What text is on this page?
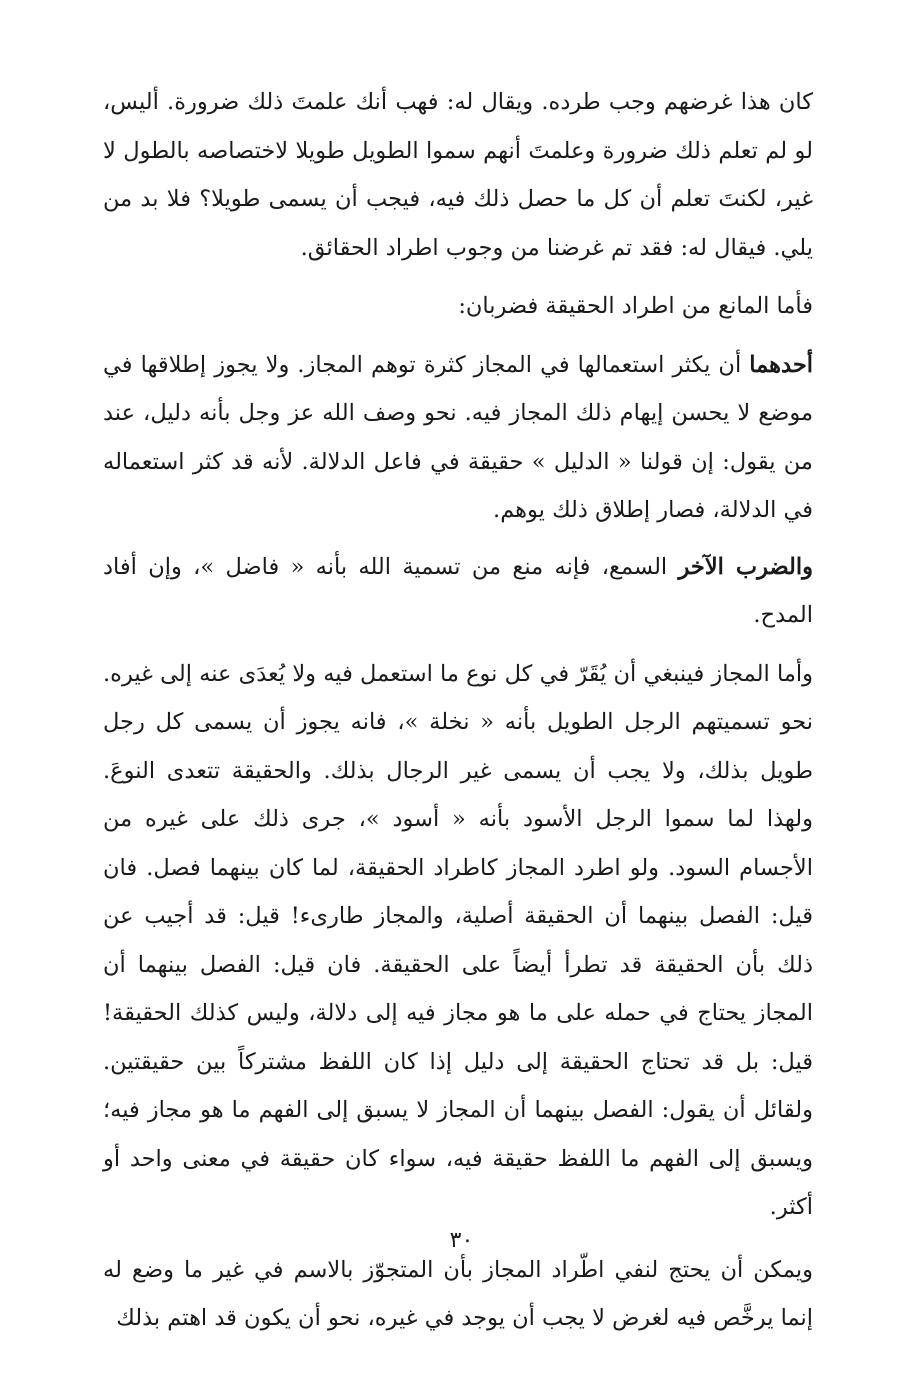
كان هذا غرضهم وجب طرده. ويقال له: فهب أنك علمتَ ذلك ضرورة. أليس، لو لم تعلم ذلك ضرورة وعلمتَ أنهم سموا الطويل طويلا لاختصاصه بالطول لا غير، لكنتَ تعلم أن كل ما حصل ذلك فيه، فيجب أن يسمى طويلا؟ فلا بد من يلي. فيقال له: فقد تم غرضنا من وجوب اطراد الحقائق.

فأما المانع من اطراد الحقيقة فضربان:

أحدهما أن يكثر استعمالها في المجاز كثرة توهم المجاز. ولا يجوز إطلاقها في موضع لا يحسن إيهام ذلك المجاز فيه. نحو وصف الله عز وجل بأنه دليل، عند من يقول: إن قولنا « الدليل » حقيقة في فاعل الدلالة. لأنه قد كثر استعماله في الدلالة، فصار إطلاق ذلك يوهم.

والضرب الآخر السمع، فإنه منع من تسمية الله بأنه « فاضل »، وإن أفاد المدح.

وأما المجاز فينبغي أن يُقَرّ في كل نوع ما استعمل فيه ولا يُعدَى عنه إلى غيره. نحو تسميتهم الرجل الطويل بأنه « نخلة »، فانه يجوز أن يسمى كل رجل طويل بذلك، ولا يجب أن يسمى غير الرجال بذلك. والحقيقة تتعدى النوعَ. ولهذا لما سموا الرجل الأسود بأنه « أسود »، جرى ذلك على غيره من الأجسام السود. ولو اطرد المجاز كاطراد الحقيقة، لما كان بينهما فصل. فان قيل: الفصل بينهما أن الحقيقة أصلية، والمجاز طارىء! قيل: قد أجيب عن ذلك بأن الحقيقة قد تطرأ أيضاً على الحقيقة. فان قيل: الفصل بينهما أن المجاز يحتاج في حمله على ما هو مجاز فيه إلى دلالة، وليس كذلك الحقيقة! قيل: بل قد تحتاج الحقيقة إلى دليل إذا كان اللفظ مشتركاً بين حقيقتين. ولقائل أن يقول: الفصل بينهما أن المجاز لا يسبق إلى الفهم ما هو مجاز فيه؛ ويسبق إلى الفهم ما اللفظ حقيقة فيه، سواء كان حقيقة في معنى واحد أو أكثر.

ويمكن أن يحتج لنفي اطّراد المجاز بأن المتجوّز بالاسم في غير ما وضع له إنما يرخَّص فيه لغرض لا يجب أن يوجد في غيره، نحو أن يكون قد اهتم بذلك

٣٠
